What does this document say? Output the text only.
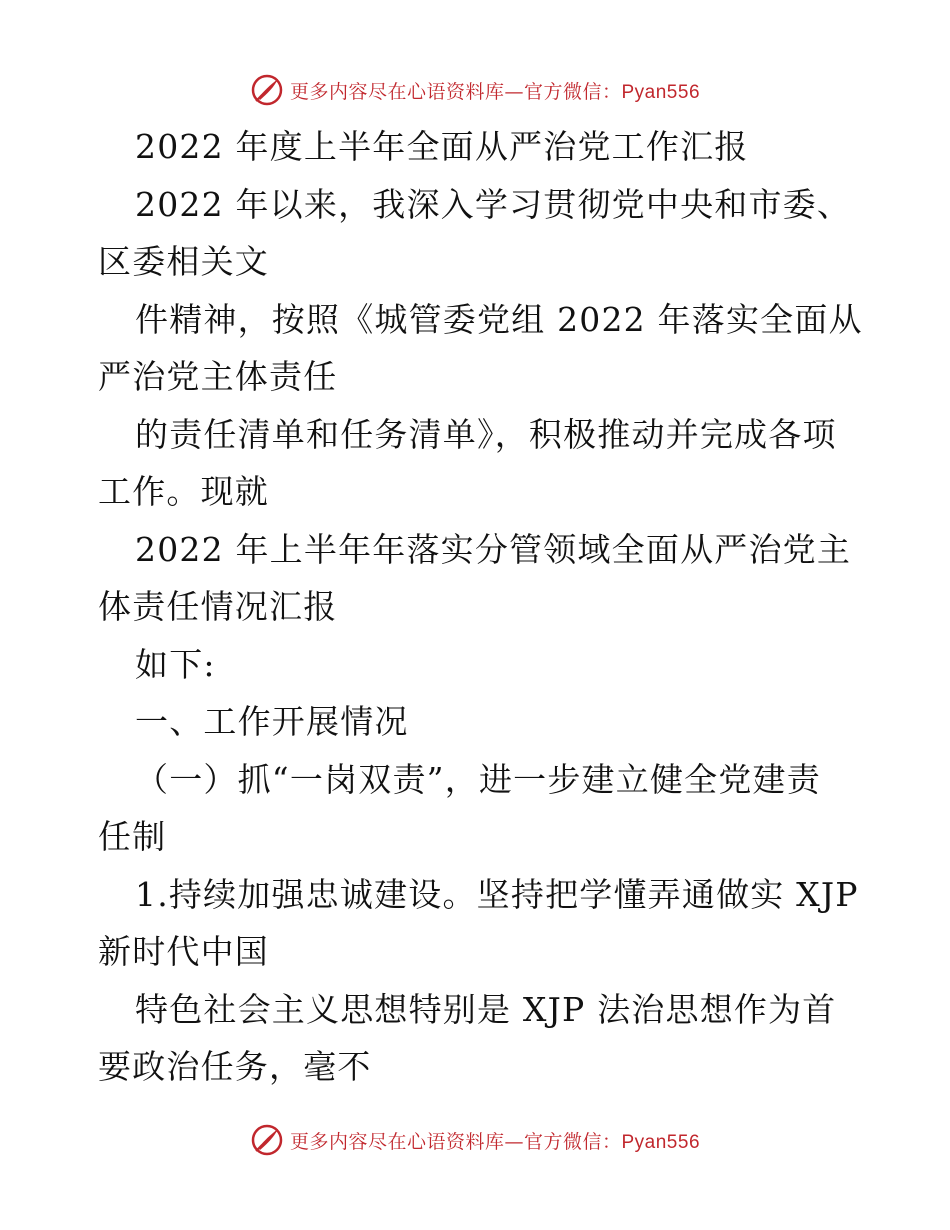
更多内容尽在心语资料库—官方微信：Pyan556
2022 年度上半年全面从严治党工作汇报
2022 年以来，我深入学习贯彻党中央和市委、
区委相关文
件精神，按照《城管委党组 2022 年落实全面从
严治党主体责任
的责任清单和任务清单》，积极推动并完成各项
工作。现就
2022 年上半年年落实分管领域全面从严治党主
体责任情况汇报
如下:
一、工作开展情况
（一）抓“一岗双责”，进一步建立健全党建责
任制
1.持续加强忠诚建设。坚持把学懂弄通做实 XJP
新时代中国
特色社会主义思想特别是 XJP 法治思想作为首
要政治任务，毫不
更多内容尽在心语资料库—官方微信：Pyan556
